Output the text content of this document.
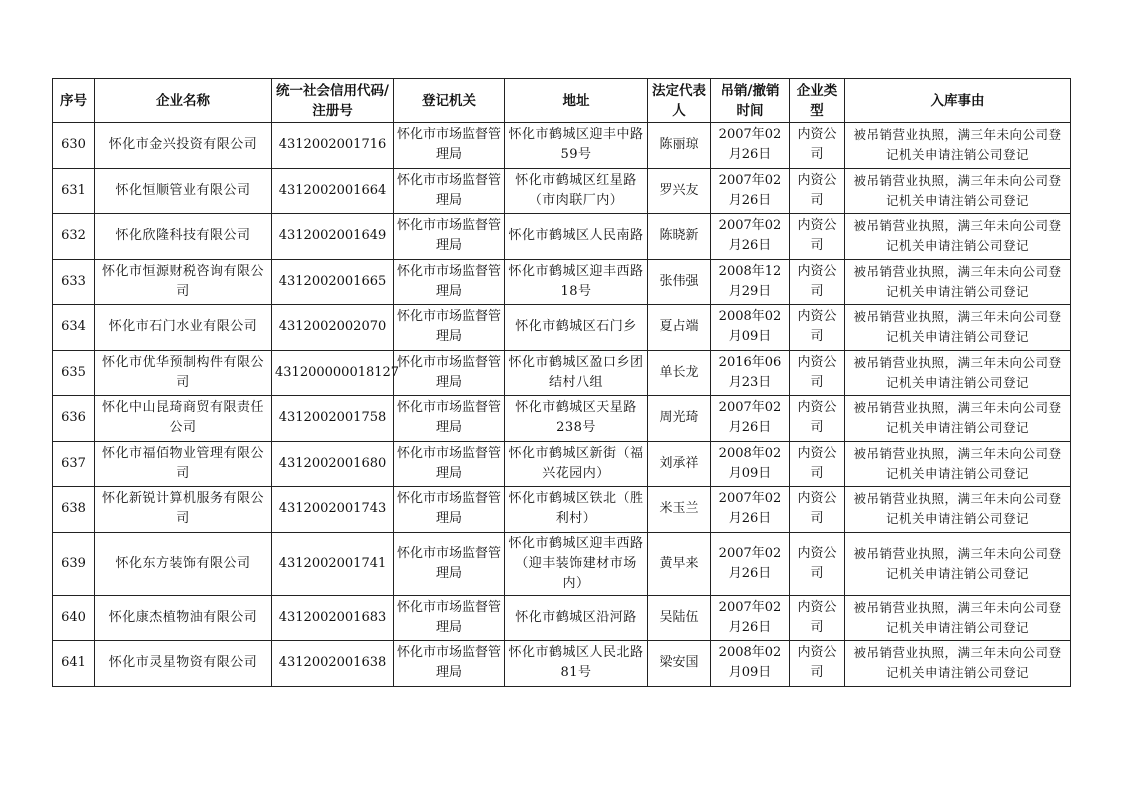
序号	企业名称	统一社会信用代码/注册号	登记机关	地址	法定代表人	吊销/撤销时间	企业类型	入库事由
630	怀化市金兴投资有限公司	4312002001716	怀化市市场监督管理局	怀化市鹤城区迎丰中路59号	陈丽琼	2007年02月26日	内资公司	被吊销营业执照，满三年未向公司登记机关申请注销公司登记
631	怀化恒顺管业有限公司	4312002001664	怀化市市场监督管理局	怀化市鹤城区红星路（市肉联厂内）	罗兴友	2007年02月26日	内资公司	被吊销营业执照，满三年未向公司登记机关申请注销公司登记
632	怀化欣隆科技有限公司	4312002001649	怀化市市场监督管理局	怀化市鹤城区人民南路	陈晓新	2007年02月26日	内资公司	被吊销营业执照，满三年未向公司登记机关申请注销公司登记
633	怀化市恒源财税咨询有限公司	4312002001665	怀化市市场监督管理局	怀化市鹤城区迎丰西路18号	张伟强	2008年12月29日	内资公司	被吊销营业执照，满三年未向公司登记机关申请注销公司登记
634	怀化市石门水业有限公司	4312002002070	怀化市市场监督管理局	怀化市鹤城区石门乡	夏占端	2008年02月09日	内资公司	被吊销营业执照，满三年未向公司登记机关申请注销公司登记
635	怀化市优华预制构件有限公司	431200000018127	怀化市市场监督管理局	怀化市鹤城区盈口乡团结村八组	单长龙	2016年06月23日	内资公司	被吊销营业执照，满三年未向公司登记机关申请注销公司登记
636	怀化中山昆琦商贸有限责任公司	4312002001758	怀化市市场监督管理局	怀化市鹤城区天星路238号	周光琦	2007年02月26日	内资公司	被吊销营业执照，满三年未向公司登记机关申请注销公司登记
637	怀化市福佰物业管理有限公司	4312002001680	怀化市市场监督管理局	怀化市鹤城区新街（福兴花园内）	刘承祥	2008年02月09日	内资公司	被吊销营业执照，满三年未向公司登记机关申请注销公司登记
638	怀化新锐计算机服务有限公司	4312002001743	怀化市市场监督管理局	怀化市鹤城区铁北（胜利村）	米玉兰	2007年02月26日	内资公司	被吊销营业执照，满三年未向公司登记机关申请注销公司登记
639	怀化东方装饰有限公司	4312002001741	怀化市市场监督管理局	怀化市鹤城区迎丰西路（迎丰装饰建材市场内）	黄早来	2007年02月26日	内资公司	被吊销营业执照，满三年未向公司登记机关申请注销公司登记
640	怀化康杰植物油有限公司	4312002001683	怀化市市场监督管理局	怀化市鹤城区沿河路	吴陆伍	2007年02月26日	内资公司	被吊销营业执照，满三年未向公司登记机关申请注销公司登记
641	怀化市灵星物资有限公司	4312002001638	怀化市市场监督管理局	怀化市鹤城区人民北路81号	梁安国	2008年02月09日	内资公司	被吊销营业执照，满三年未向公司登记机关申请注销公司登记
